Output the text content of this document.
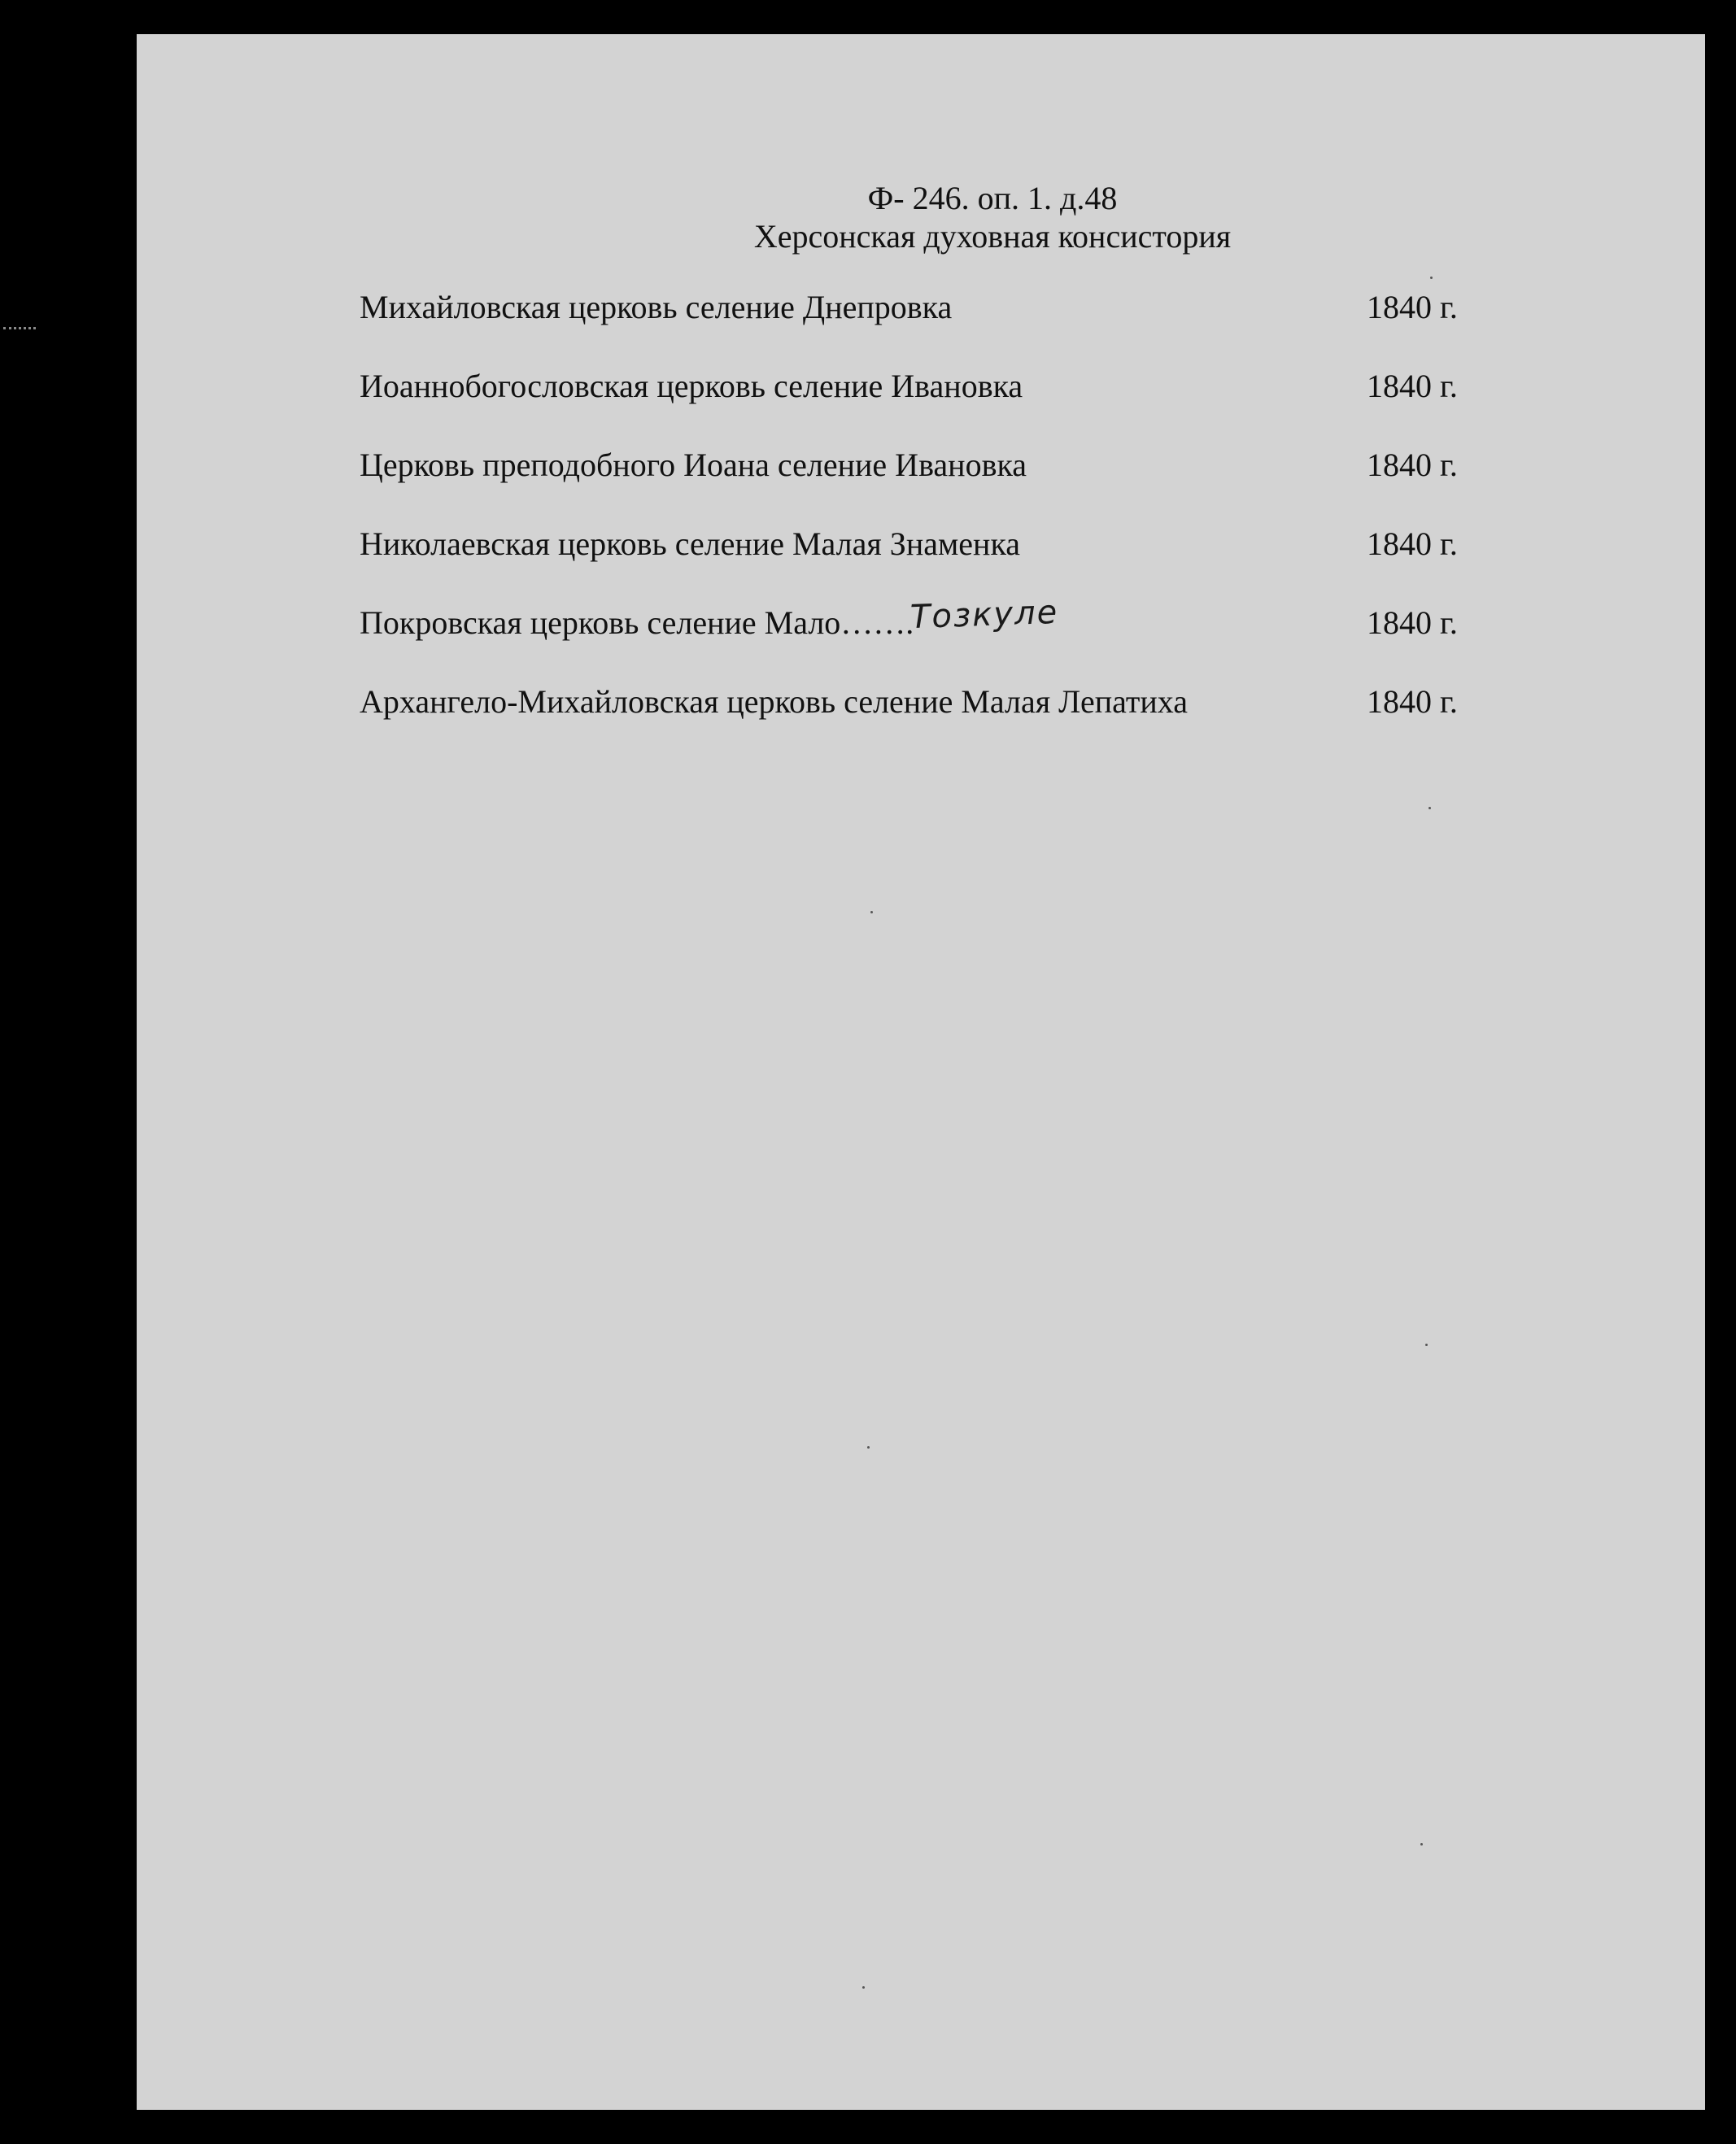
Ф- 246. оп. 1. д.48
Херсонская духовная консистория
Михайловская церковь селение Днепровка	1840 г.
Иоаннобогословская церковь селение Ивановка	1840 г.
Церковь преподобного Иоана селение Ивановка	1840 г.
Николаевская церковь селение Малая Знаменка	1840 г.
Покровская церковь селение Мало…….Тозкуле	1840 г.
Архангело-Михайловская церковь селение Малая Лепатиха	1840 г.
